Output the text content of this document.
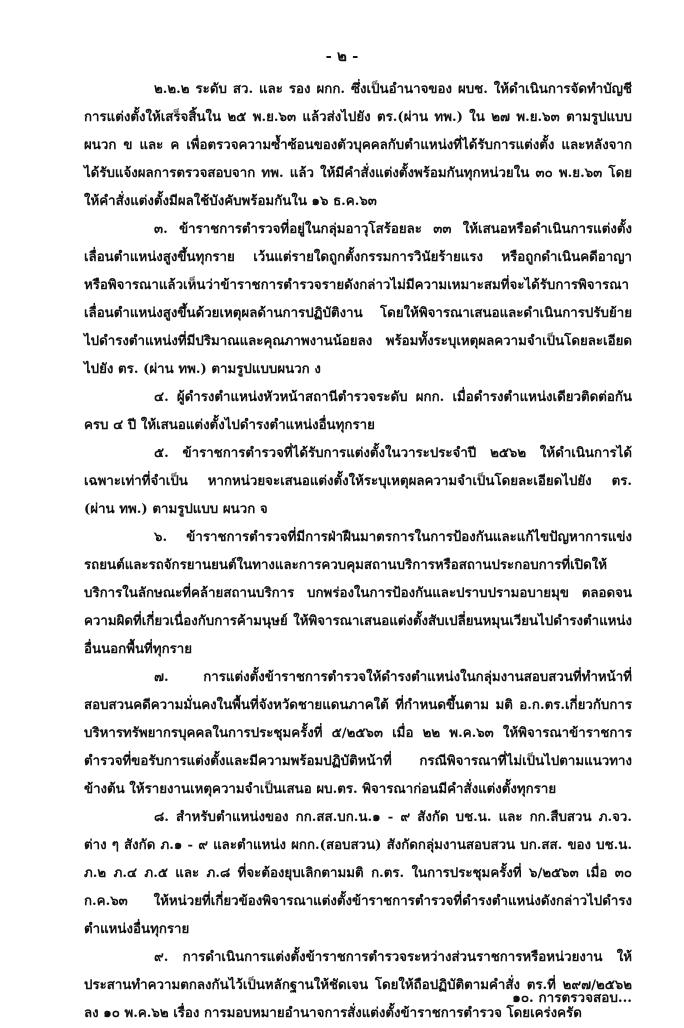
- ๒ -

๒.๒.๒ ระดับ สว. และ รอง ผกก. ซึ่งเป็นอำนาจของ ผบช. ให้ดำเนินการจัดทำบัญชีการแต่งตั้งให้เสร็จสิ้นใน ๒๕ พ.ย.๖๓ แล้วส่งไปยัง ตร.(ผ่าน ทพ.) ใน ๒๗ พ.ย.๖๓ ตามรูปแบบ ผนวก ข และ ค เพื่อตรวจความซ้ำซ้อนของตัวบุคคลกับตำแหน่งที่ได้รับการแต่งตั้ง และหลังจากได้รับแจ้งผลการตรวจสอบจาก ทพ. แล้ว ให้มีคำสั่งแต่งตั้งพร้อมกันทุกหน่วยใน ๓๐ พ.ย.๖๓ โดยให้คำสั่งแต่งตั้งมีผลใช้บังคับพร้อมกันใน ๑๖ ธ.ค.๖๓

๓. ข้าราชการตำรวจที่อยู่ในกลุ่มอาวุโสร้อยละ ๓๓ ให้เสนอหรือดำเนินการแต่งตั้งเลื่อนตำแหน่งสูงขึ้นทุกราย เว้นแต่รายใดถูกตั้งกรรมการวินัยร้ายแรง หรือถูกดำเนินคดีอาญา หรือพิจารณาแล้วเห็นว่าข้าราชการตำรวจรายดังกล่าวไม่มีความเหมาะสมที่จะได้รับการพิจารณาเลื่อนตำแหน่งสูงขึ้นด้วยเหตุผลด้านการปฏิบัติงาน โดยให้พิจารณาเสนอและดำเนินการปรับย้ายไปดำรงตำแหน่งที่มีปริมาณและคุณภาพงานน้อยลง พร้อมทั้งระบุเหตุผลความจำเป็นโดยละเอียดไปยัง ตร. (ผ่าน ทพ.) ตามรูปแบบผนวก ง

๔. ผู้ดำรงตำแหน่งหัวหน้าสถานีตำรวจระดับ ผกก. เมื่อดำรงตำแหน่งเดียวติดต่อกันครบ ๔ ปี ให้เสนอแต่งตั้งไปดำรงตำแหน่งอื่นทุกราย

๕. ข้าราชการตำรวจที่ได้รับการแต่งตั้งในวาระประจำปี ๒๕๖๒ ให้ดำเนินการได้เฉพาะเท่าที่จำเป็น หากหน่วยจะเสนอแต่งตั้งให้ระบุเหตุผลความจำเป็นโดยละเอียดไปยัง ตร. (ผ่าน ทพ.) ตามรูปแบบ ผนวก จ

๖. ข้าราชการตำรวจที่มีการฝ่าฝืนมาตรการในการป้องกันและแก้ไขปัญหาการแข่งรถยนต์และรถจักรยานยนต์ในทางและการควบคุมสถานบริการหรือสถานประกอบการที่เปิดให้บริการในลักษณะที่คล้ายสถานบริการ บกพร่องในการป้องกันและปราบปรามอบายมุข ตลอดจนความผิดที่เกี่ยวเนื่องกับการค้ามนุษย์ ให้พิจารณาเสนอแต่งตั้งสับเปลี่ยนหมุนเวียนไปดำรงตำแหน่งอื่นนอกพื้นที่ทุกราย

๗. การแต่งตั้งข้าราชการตำรวจให้ดำรงตำแหน่งในกลุ่มงานสอบสวนที่ทำหน้าที่สอบสวนคดีความมั่นคงในพื้นที่จังหวัดชายแดนภาคใต้ ที่กำหนดขึ้นตาม มติ อ.ก.ตร.เกี่ยวกับการบริหารทรัพยากรบุคคลในการประชุมครั้งที่ ๕/๒๕๖๓ เมื่อ ๒๒ พ.ค.๖๓ ให้พิจารณาข้าราชการตำรวจที่ขอรับการแต่งตั้งและมีความพร้อมปฏิบัติหน้าที่ กรณีพิจารณาที่ไม่เป็นไปตามแนวทางข้างต้น ให้รายงานเหตุความจำเป็นเสนอ ผบ.ตร. พิจารณาก่อนมีคำสั่งแต่งตั้งทุกราย

๘. สำหรับตำแหน่งของ กก.สส.บก.น.๑ - ๙ สังกัด บช.น. และ กก.สืบสวน ภ.จว. ต่าง ๆ สังกัด ภ.๑ - ๙ และตำแหน่ง ผกก.(สอบสวน) สังกัดกลุ่มงานสอบสวน บก.สส. ของ บช.น. ภ.๒ ภ.๔ ภ.๕ และ ภ.๘ ที่จะต้องยุบเลิกตามมติ ก.ตร. ในการประชุมครั้งที่ ๖/๒๕๖๓ เมื่อ ๓๐ ก.ค.๖๓ ให้หน่วยที่เกี่ยวข้องพิจารณาแต่งตั้งข้าราชการตำรวจที่ดำรงตำแหน่งดังกล่าวไปดำรงตำแหน่งอื่นทุกราย

๙. การดำเนินการแต่งตั้งข้าราชการตำรวจระหว่างส่วนราชการหรือหน่วยงาน ให้ประสานทำความตกลงกันไว้เป็นหลักฐานให้ชัดเจน โดยให้ถือปฏิบัติตามคำสั่ง ตร.ที่ ๒๙๗/๒๕๖๒ ลง ๑๐ พ.ค.๖๒ เรื่อง การมอบหมายอำนาจการสั่งแต่งตั้งข้าราชการตำรวจ โดยเคร่งครัด

๑๐. การตรวจสอบ...
